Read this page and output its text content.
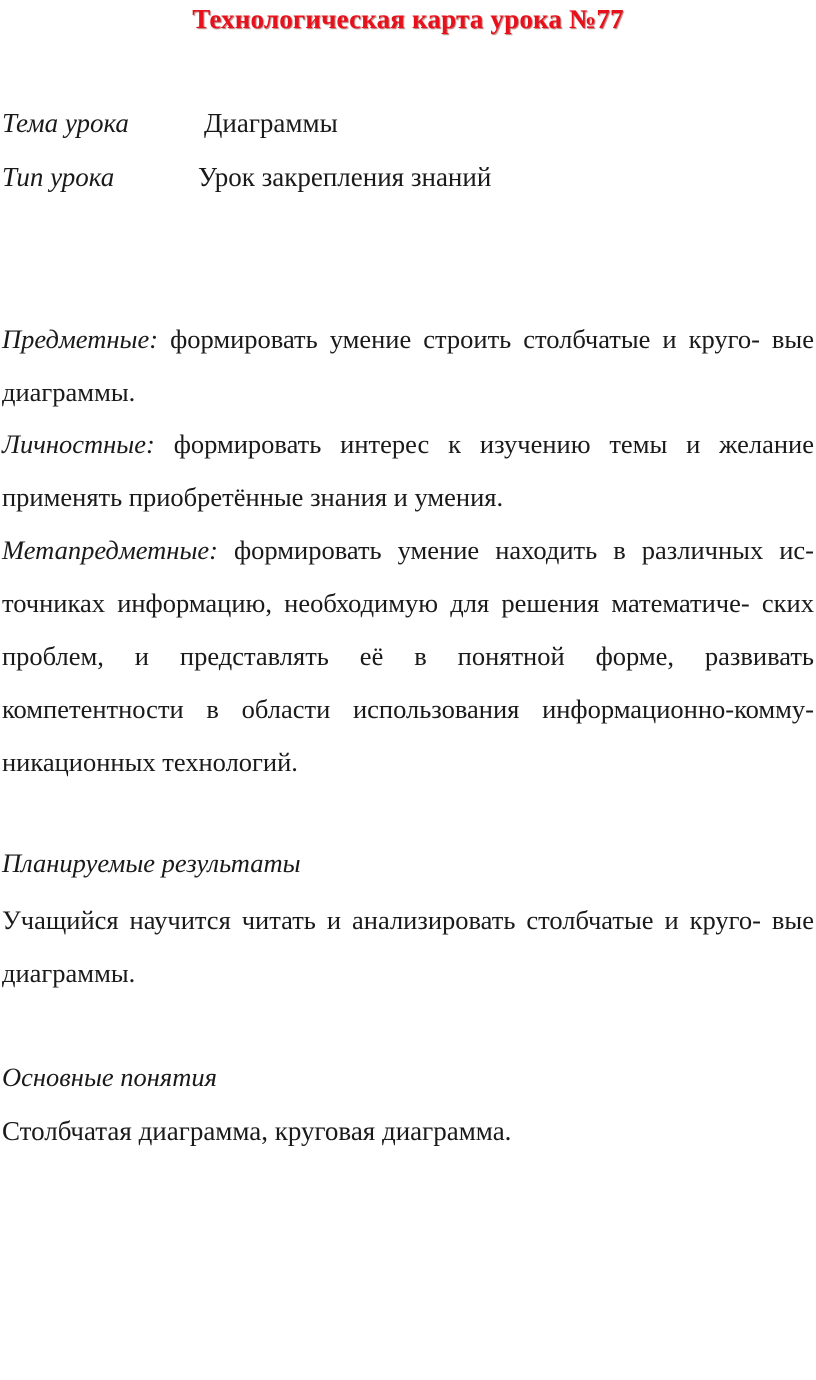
Технологическая карта урока №77
Тема урока	Диаграммы
Тип урока	Урок закрепления знаний
Предметные: формировать умение строить столбчатые и круго- вые диаграммы.
Личностные: формировать интерес к изучению темы и желание применять приобретённые знания и умения.
Метапредметные: формировать умение находить в различных ис- точниках информацию, необходимую для решения математиче- ских проблем, и представлять её в понятной форме, развивать компетентности в области использования информационно-комму- никационных технологий.
Планируемые результаты
Учащийся научится читать и анализировать столбчатые и круго- вые диаграммы.
Основные понятия
Столбчатая диаграмма, круговая диаграмма.
